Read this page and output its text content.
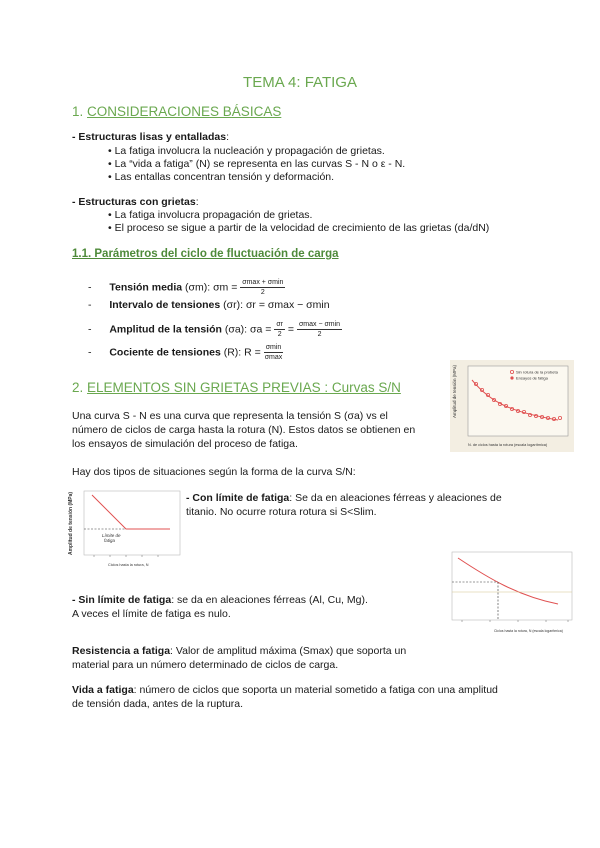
TEMA 4: FATIGA
1. CONSIDERACIONES BÁSICAS
- Estructuras lisas y entalladas:
• La fatiga involucra la nucleación y propagación de grietas.
• La “vida a fatiga” (N) se representa en las curvas S - N o ε - N.
• Las entallas concentran tensión y deformación.
- Estructuras con grietas:
• La fatiga involucra propagación de grietas.
• El proceso se sigue a partir de la velocidad de crecimiento de las grietas (da/dN)
1.1. Parámetros del ciclo de fluctuación de carga
- Tensión media (σm): $\sigma m = \frac{\sigma\max + \sigma\min}{2}$
- Intervalo de tensiones (σr): σr = σmax − σmin
- Amplitud de la tensión (σa): $\sigma a = \frac{\sigma r}{2} = \frac{\sigma\max - \sigma\min}{2}$
- Cociente de tensiones (R): $R = \frac{\sigma\min}{\sigma\max}$
2. ELEMENTOS SIN GRIETAS PREVIAS : Curvas S/N
Una curva S - N es una curva que representa la tensión S (σa) vs el
número de ciclos de carga hasta la rotura (N). Estos datos se obtienen en
los ensayos de simulación del proceso de fatiga.
Hay dos tipos de situaciones según la forma de la curva S/N:
Amplitud de tensión (MPa)	Sin rotura de la probeta
Ensayos de fatiga
N. de ciclos hasta la rotura (escala logarítmica)
- Con límite de fatiga: Se da en aleaciones férreas y aleaciones de
titanio. No ocurre rotura rotura si S<Slim.
Amplitud de tensión (MPa)	Límite de
fatiga
Ciclos hasta la rotura, N
Ciclos hasta la rotura, N (escala logarítmica)
- Sin límite de fatiga: se da en aleaciones férreas (Al, Cu, Mg).
A veces el límite de fatiga es nulo.
Resistencia a fatiga: Valor de amplitud máxima (Smax) que soporta un
material para un número determinado de ciclos de carga.
Vida a fatiga: número de ciclos que soporta un material sometido a fatiga con una amplitud
de tensión dada, antes de la ruptura.
